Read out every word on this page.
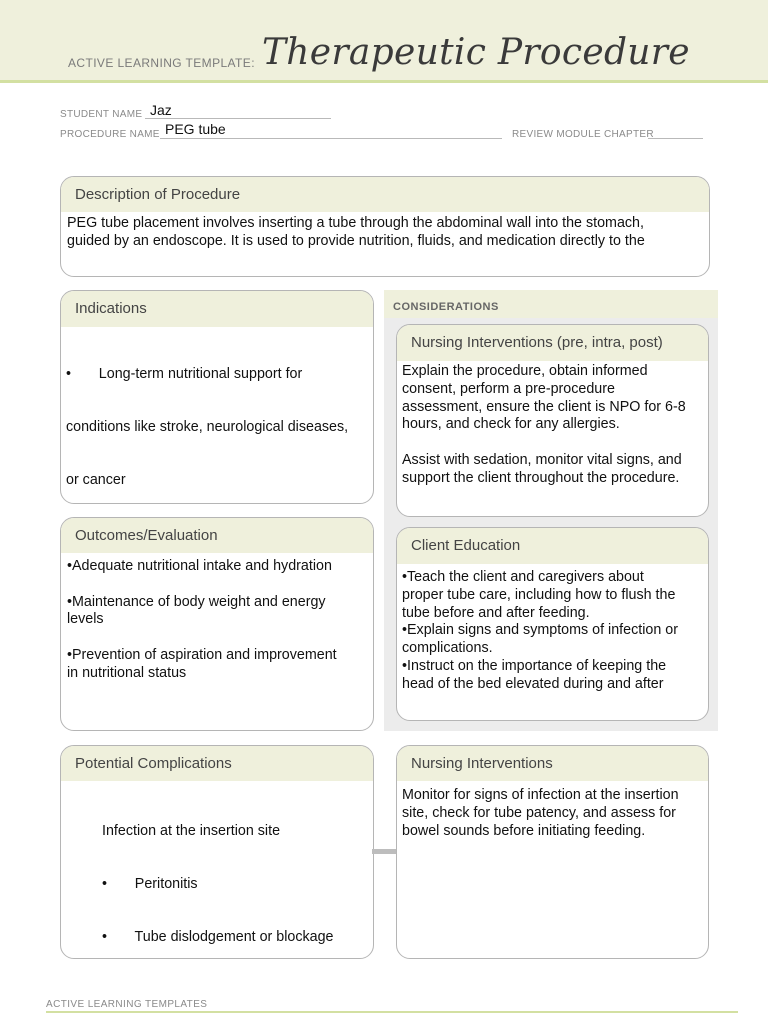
ACTIVE LEARNING TEMPLATE: Therapeutic Procedure
STUDENT NAME Jaz
PROCEDURE NAME PEG tube	REVIEW MODULE CHAPTER
Description of Procedure
PEG tube placement involves inserting a tube through the abdominal wall into the stomach,
guided by an endoscope. It is used to provide nutrition, fluids, and medication directly to the
Indications

•       Long-term nutritional support for

conditions like stroke, neurological diseases,

or cancer

CONSIDERATIONS
Nursing Interventions (pre, intra, post)
Explain the procedure, obtain informed
consent, perform a pre-procedure
assessment, ensure the client is NPO for 6-8
hours, and check for any allergies.
Assist with sedation, monitor vital signs, and
support the client throughout the procedure.
Outcomes/Evaluation
•Adequate nutritional intake and hydration
•Maintenance of body weight and energy
levels
•Prevention of aspiration and improvement
in nutritional status
Client Education
•Teach the client and caregivers about
proper tube care, including how to flush the
tube before and after feeding.
•Explain signs and symptoms of infection or
complications.
•Instruct on the importance of keeping the
head of the bed elevated during and after
Potential Complications

Infection at the insertion site

•       Peritonitis

•       Tube dislodgement or blockage

Nursing Interventions
Monitor for signs of infection at the insertion
site, check for tube patency, and assess for
bowel sounds before initiating feeding.
ACTIVE LEARNING TEMPLATES
